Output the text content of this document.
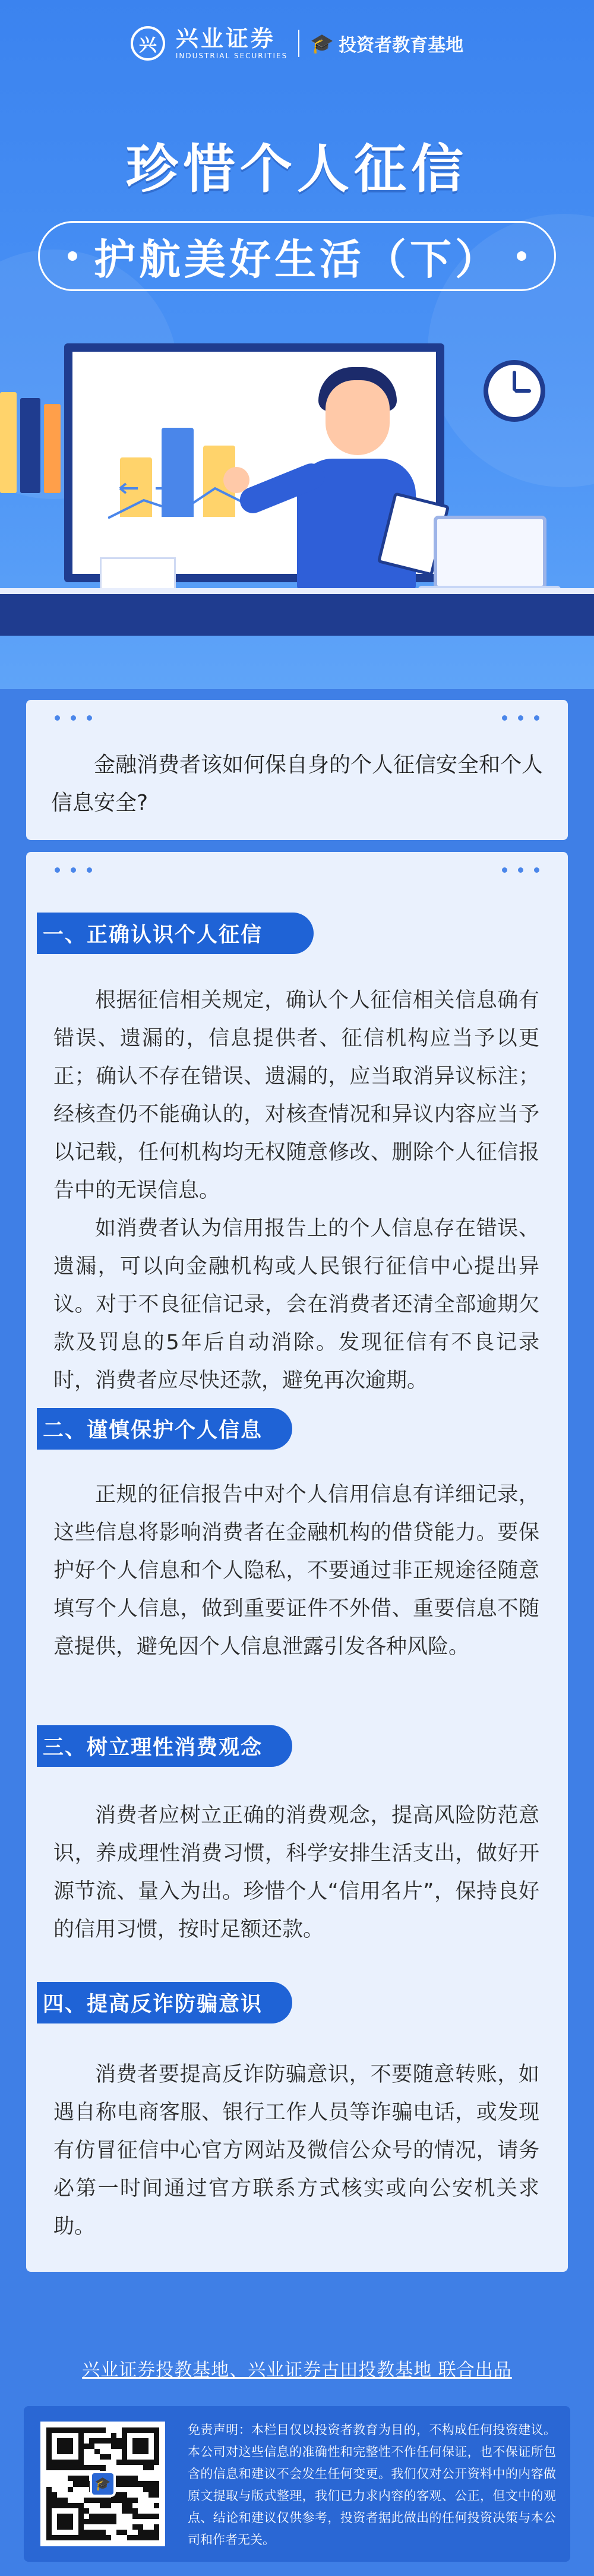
兴 兴业证券
INDUSTRIAL SECURITIES
🎓 投资者教育基地
珍惜个人征信
护航美好生活（下）
金融消费者该如何保自身的个人征信安全和个人信息安全?
一、正确认识个人征信
根据征信相关规定，确认个人征信相关信息确有错误、遗漏的，信息提供者、征信机构应当予以更正；确认不存在错误、遗漏的，应当取消异议标注；经核查仍不能确认的，对核查情况和异议内容应当予以记载，任何机构均无权随意修改、删除个人征信报告中的无误信息。
如消费者认为信用报告上的个人信息存在错误、遗漏，可以向金融机构或人民银行征信中心提出异议。对于不良征信记录，会在消费者还清全部逾期欠款及罚息的5年后自动消除。发现征信有不良记录时，消费者应尽快还款，避免再次逾期。
二、谨慎保护个人信息
正规的征信报告中对个人信用信息有详细记录，这些信息将影响消费者在金融机构的借贷能力。要保护好个人信息和个人隐私，不要通过非正规途径随意填写个人信息，做到重要证件不外借、重要信息不随意提供，避免因个人信息泄露引发各种风险。
三、树立理性消费观念
消费者应树立正确的消费观念，提高风险防范意识，养成理性消费习惯，科学安排生活支出，做好开源节流、量入为出。珍惜个人“信用名片”，保持良好的信用习惯，按时足额还款。
四、提高反诈防骗意识
消费者要提高反诈防骗意识，不要随意转账，如遇自称电商客服、银行工作人员等诈骗电话，或发现有仿冒征信中心官方网站及微信公众号的情况，请务必第一时间通过官方联系方式核实或向公安机关求助。
兴业证券投教基地、兴业证券古田投教基地 联合出品
🎓
免责声明：本栏目仅以投资者教育为目的，不构成任何投资建议。本公司对这些信息的准确性和完整性不作任何保证，也不保证所包含的信息和建议不会发生任何变更。我们仅对公开资料中的内容做原文提取与版式整理，我们已力求内容的客观、公正，但文中的观点、结论和建议仅供参考，投资者据此做出的任何投资决策与本公司和作者无关。
